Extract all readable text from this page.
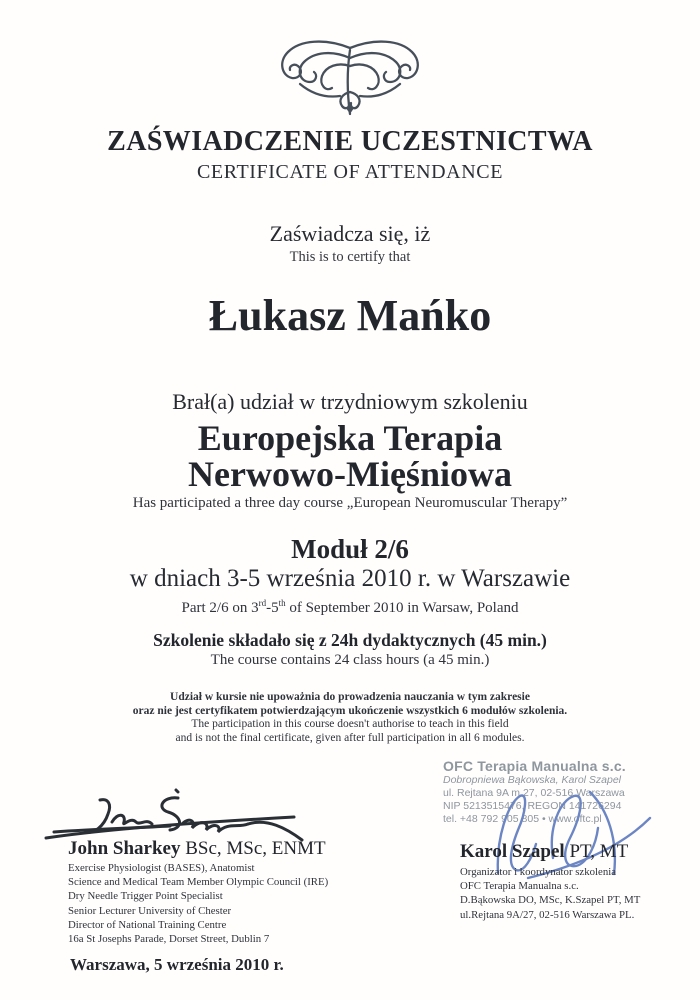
ZAŚWIADCZENIE UCZESTNICTWA
CERTIFICATE OF ATTENDANCE
Zaświadcza się, iż
This is to certify that
Łukasz Mańko
Brał(a) udział w trzydniowym szkoleniu
Europejska Terapia
Nerwowo-Mięśniowa
Has participated a three day course „European Neuromuscular Therapy”
Moduł 2/6
w dniach 3-5 września 2010 r. w Warszawie
Part 2/6 on 3rd-5th of September 2010 in Warsaw, Poland
Szkolenie składało się z 24h dydaktycznych (45 min.)
The course contains 24 class hours (a 45 min.)
Udział w kursie nie upoważnia do prowadzenia nauczania w tym zakresie
oraz nie jest certyfikatem potwierdzającym ukończenie wszystkich 6 modułów szkolenia.
The participation in this course doesn't authorise to teach in this field
and is not the final certificate, given after full participation in all 6 modules.
OFC Terapia Manualna s.c.
Dobropniewa Bąkowska, Karol Szapel
ul. Rejtana 9A m.27, 02-516 Warszawa
NIP 5213515476, REGON 141726294
tel. +48 792 905 805 • www.oftc.pl
John Sharkey BSc, MSc, ENMT
Exercise Physiologist (BASES), Anatomist
Science and Medical Team Member Olympic Council (IRE)
Dry Needle Trigger Point Specialist
Senior Lecturer University of Chester
Director of National Training Centre
16a St Josephs Parade, Dorset Street, Dublin 7
Karol Szapel PT, MT
Organizator i koordynator szkolenia
OFC Terapia Manualna s.c.
D.Bąkowska DO, MSc, K.Szapel PT, MT
ul.Rejtana 9A/27, 02-516 Warszawa PL.
Warszawa, 5 września 2010 r.
